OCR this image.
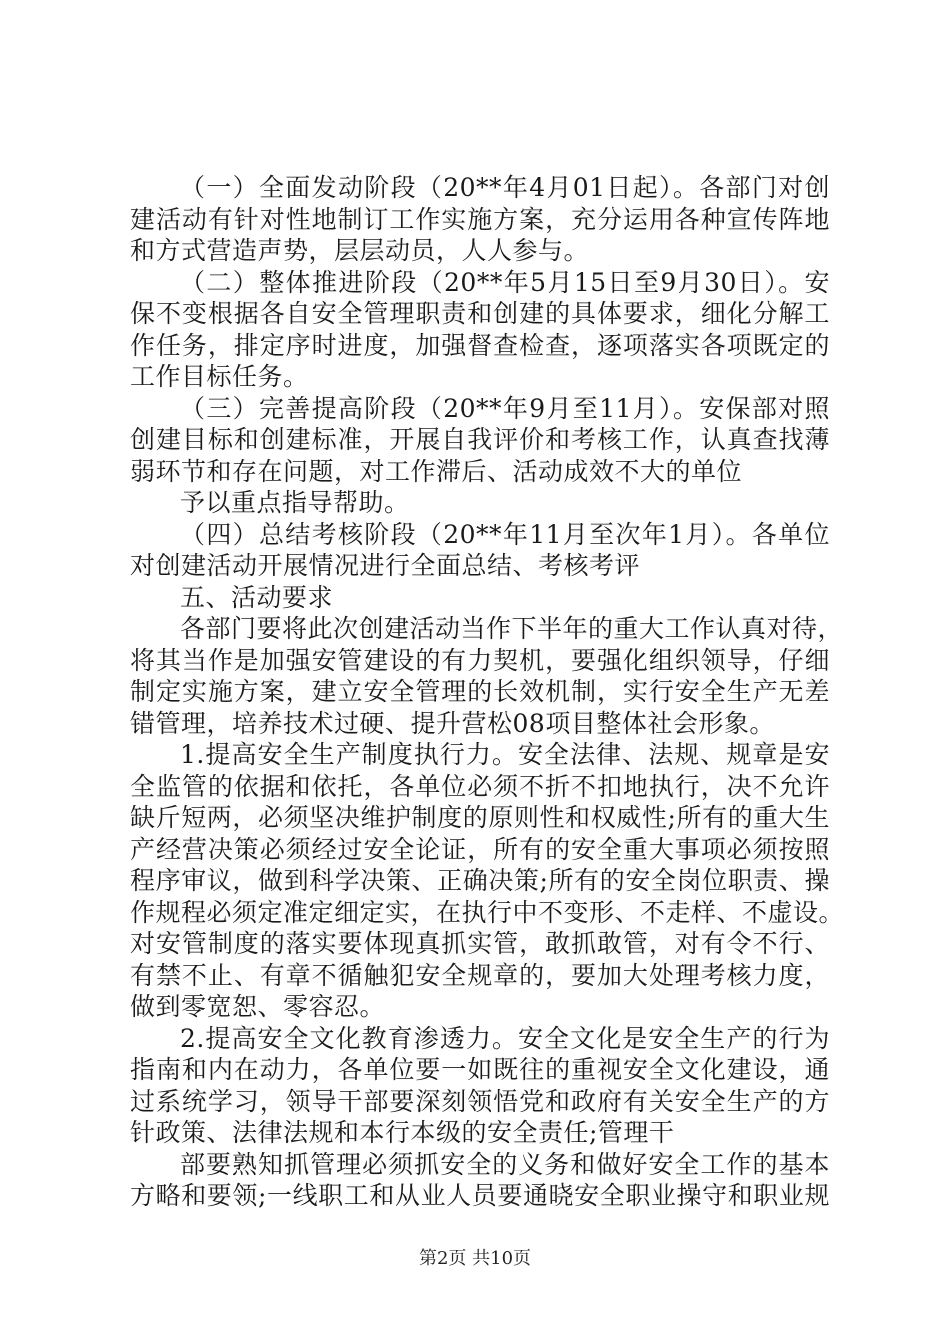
（一）全面发动阶段（20**年4月01日起）。各部门对创
建活动有针对性地制订工作实施方案，充分运用各种宣传阵地
和方式营造声势，层层动员，人人参与。
（二）整体推进阶段（20**年5月15日至9月30日）。安
保不变根据各自安全管理职责和创建的具体要求，细化分解工
作任务，排定序时进度，加强督查检查，逐项落实各项既定的
工作目标任务。
（三）完善提高阶段（20**年9月至11月）。安保部对照
创建目标和创建标准，开展自我评价和考核工作，认真查找薄
弱环节和存在问题，对工作滞后、活动成效不大的单位
予以重点指导帮助。
（四）总结考核阶段（20**年11月至次年1月）。各单位
对创建活动开展情况进行全面总结、考核考评
五、活动要求
各部门要将此次创建活动当作下半年的重大工作认真对待，
将其当作是加强安管建设的有力契机，要强化组织领导，仔细
制定实施方案，建立安全管理的长效机制，实行安全生产无差
错管理，培养技术过硬、提升营松08项目整体社会形象。
1.提高安全生产制度执行力。安全法律、法规、规章是安
全监管的依据和依托，各单位必须不折不扣地执行，决不允许
缺斤短两，必须坚决维护制度的原则性和权威性;所有的重大生
产经营决策必须经过安全论证，所有的安全重大事项必须按照
程序审议，做到科学决策、正确决策;所有的安全岗位职责、操
作规程必须定准定细定实，在执行中不变形、不走样、不虚设。
对安管制度的落实要体现真抓实管，敢抓敢管，对有令不行、
有禁不止、有章不循触犯安全规章的，要加大处理考核力度，
做到零宽恕、零容忍。
2.提高安全文化教育渗透力。安全文化是安全生产的行为
指南和内在动力，各单位要一如既往的重视安全文化建设，通
过系统学习，领导干部要深刻领悟党和政府有关安全生产的方
针政策、法律法规和本行本级的安全责任;管理干
部要熟知抓管理必须抓安全的义务和做好安全工作的基本
方略和要领;一线职工和从业人员要通晓安全职业操守和职业规
第2页 共10页
